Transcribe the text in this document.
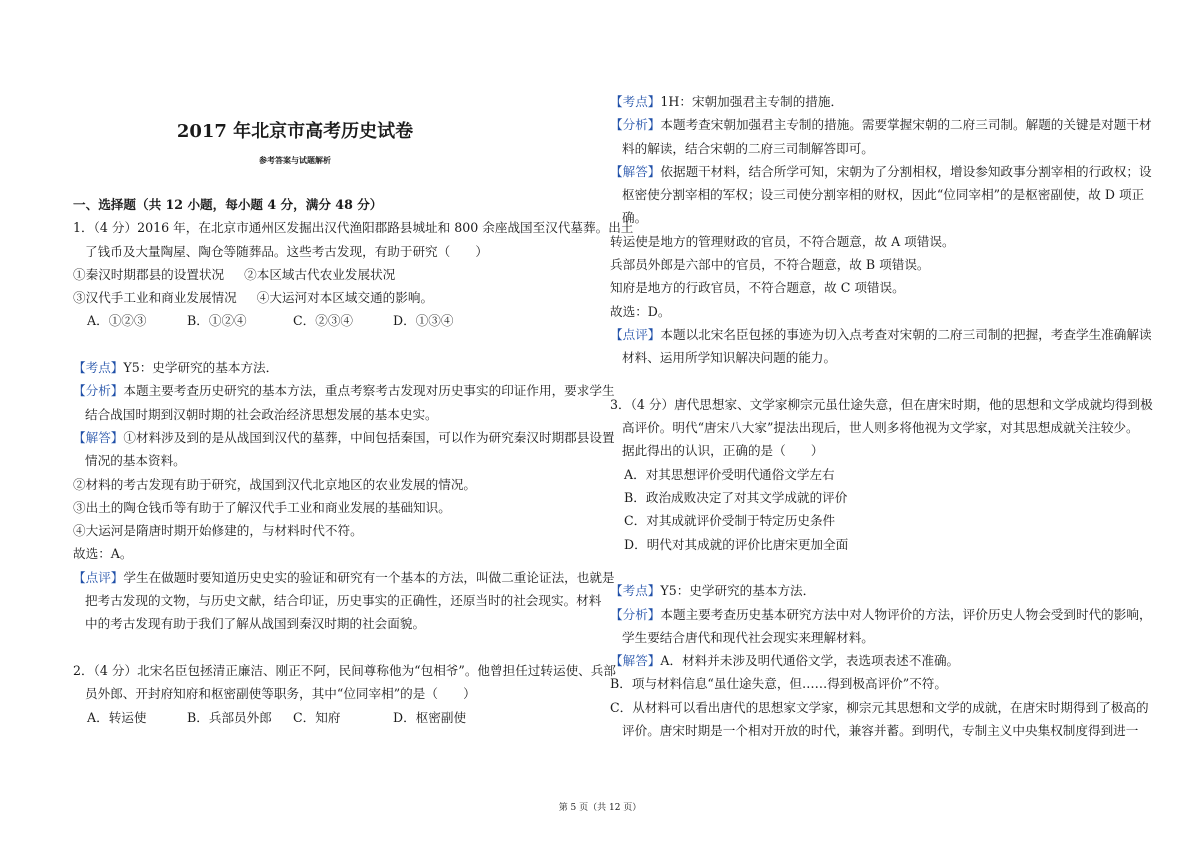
2017 年北京市高考历史试卷
参考答案与试题解析
一、选择题（共 12 小题，每小题 4 分，满分 48 分）
1．（4 分）2016 年，在北京市通州区发掘出汉代渔阳郡路县城址和 800 余座战国至汉代墓葬。出土
了钱币及大量陶屋、陶仓等随葬品。这些考古发现，有助于研究（　　）
①秦汉时期郡县的设置状况 ②本区域古代农业发展状况
③汉代手工业和商业发展情况 ④大运河对本区域交通的影响。
A．①②③	B．①②④	C．②③④	D．①③④
【考点】Y5：史学研究的基本方法．
【分析】本题主要考查历史研究的基本方法，重点考察考古发现对历史事实的印证作用，要求学生
结合战国时期到汉朝时期的社会政治经济思想发展的基本史实。
【解答】①材料涉及到的是从战国到汉代的墓葬，中间包括秦国，可以作为研究秦汉时期郡县设置
情况的基本资料。
②材料的考古发现有助于研究，战国到汉代北京地区的农业发展的情况。
③出土的陶仓钱币等有助于了解汉代手工业和商业发展的基础知识。
④大运河是隋唐时期开始修建的，与材料时代不符。
故选：A。
【点评】学生在做题时要知道历史史实的验证和研究有一个基本的方法，叫做二重论证法，也就是
把考古发现的文物，与历史文献，结合印证，历史事实的正确性，还原当时的社会现实。材料
中的考古发现有助于我们了解从战国到秦汉时期的社会面貌。
2．（4 分）北宋名臣包拯清正廉洁、刚正不阿，民间尊称他为“包相爷”。他曾担任过转运使、兵部
员外郎、开封府知府和枢密副使等职务，其中“位同宰相”的是（　　）
A．转运使	B．兵部员外郎	C．知府	D．枢密副使
【考点】1H：宋朝加强君主专制的措施．
【分析】本题考查宋朝加强君主专制的措施。需要掌握宋朝的二府三司制。解题的关键是对题干材
料的解读，结合宋朝的二府三司制解答即可。
【解答】依据题干材料，结合所学可知，宋朝为了分割相权，增设参知政事分割宰相的行政权；设
枢密使分割宰相的军权；设三司使分割宰相的财权，因此“位同宰相”的是枢密副使，故 D 项正
确。
转运使是地方的管理财政的官员，不符合题意，故 A 项错误。
兵部员外郎是六部中的官员，不符合题意，故 B 项错误。
知府是地方的行政官员，不符合题意，故 C 项错误。
故选：D。
【点评】本题以北宋名臣包拯的事迹为切入点考查对宋朝的二府三司制的把握，考查学生准确解读
材料、运用所学知识解决问题的能力。
3．（4 分）唐代思想家、文学家柳宗元虽仕途失意，但在唐宋时期，他的思想和文学成就均得到极
高评价。明代“唐宋八大家”提法出现后，世人则多将他视为文学家，对其思想成就关注较少。
据此得出的认识，正确的是（　　）
A．对其思想评价受明代通俗文学左右
B．政治成败决定了对其文学成就的评价
C．对其成就评价受制于特定历史条件
D．明代对其成就的评价比唐宋更加全面
【考点】Y5：史学研究的基本方法．
【分析】本题主要考查历史基本研究方法中对人物评价的方法，评价历史人物会受到时代的影响，
学生要结合唐代和现代社会现实来理解材料。
【解答】A．材料并未涉及明代通俗文学，表选项表述不准确。
B．项与材料信息“虽仕途失意，但……得到极高评价”不符。
C．从材料可以看出唐代的思想家文学家，柳宗元其思想和文学的成就，在唐宋时期得到了极高的
评价。唐宋时期是一个相对开放的时代，兼容并蓄。到明代，专制主义中央集权制度得到进一
第 5 页（共 12 页）
